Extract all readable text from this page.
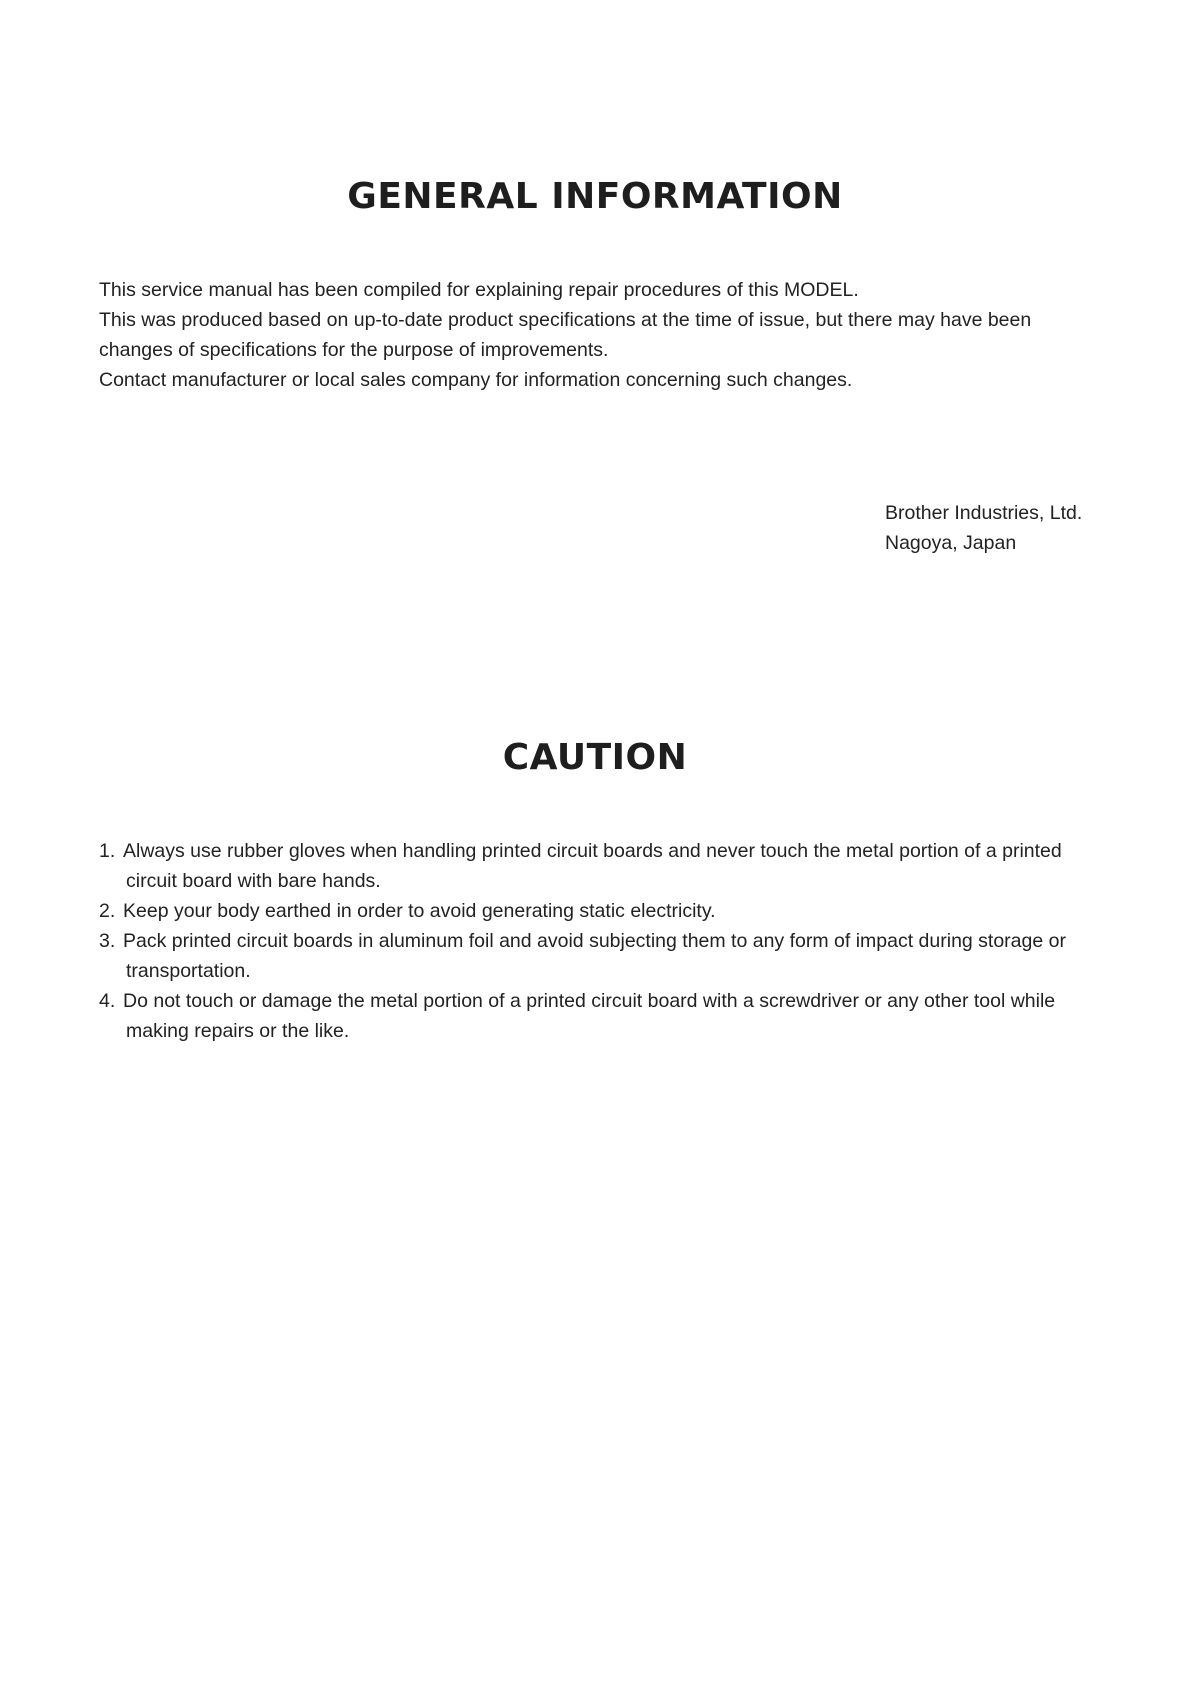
GENERAL INFORMATION

This service manual has been compiled for explaining repair procedures of this MODEL.

This was produced based on up-to-date product specifications at the time of issue, but there may have been changes of specifications for the purpose of improvements.

Contact manufacturer or local sales company for information concerning such changes.

Brother Industries, Ltd.
Nagoya, Japan
CAUTION
1. Always use rubber gloves when handling printed circuit boards and never touch the metal portion of a printed circuit board with bare hands.
2. Keep your body earthed in order to avoid generating static electricity.
3. Pack printed circuit boards in aluminum foil and avoid subjecting them to any form of impact during storage or transportation.
4. Do not touch or damage the metal portion of a printed circuit board with a screwdriver or any other tool while making repairs or the like.
